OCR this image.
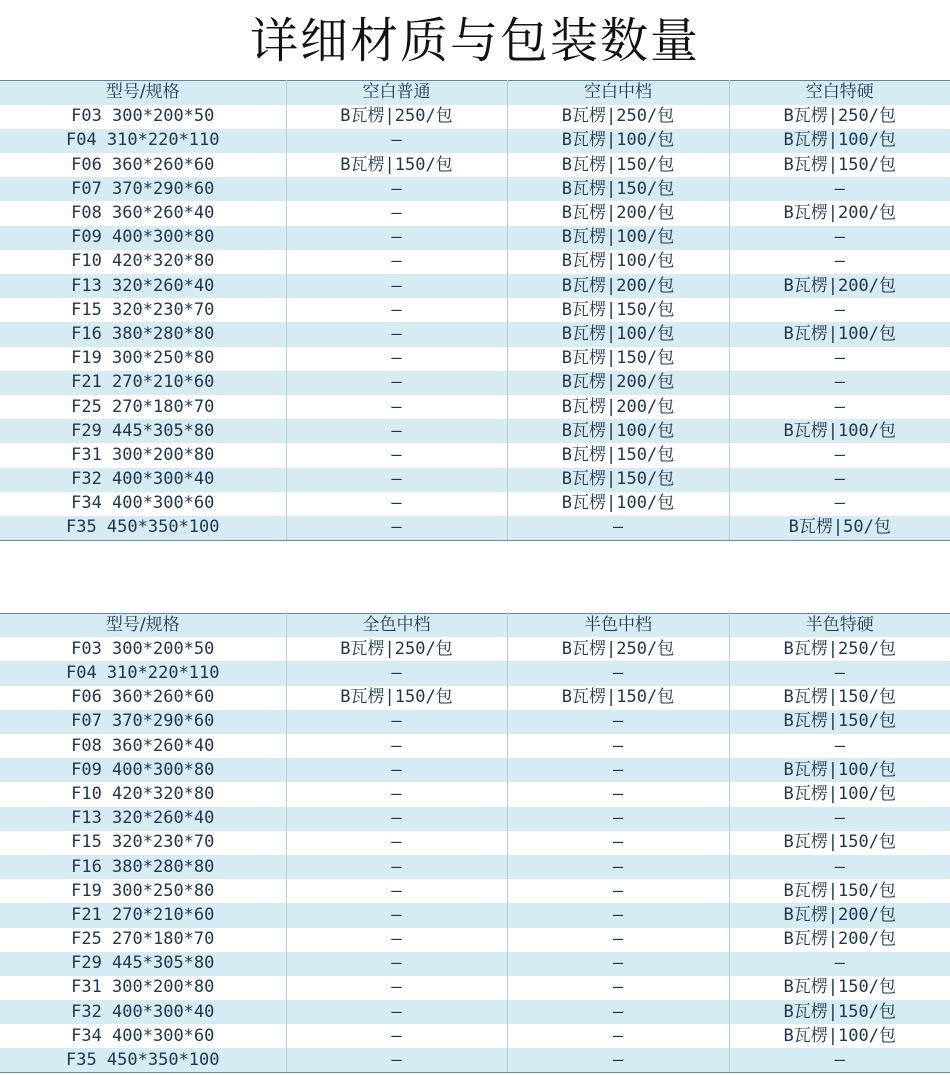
详细材质与包装数量
型号/规格	空白普通	空白中档	空白特硬
F03 300*200*50	B瓦楞|250/包	B瓦楞|250/包	B瓦楞|250/包
F04 310*220*110	—	B瓦楞|100/包	B瓦楞|100/包
F06 360*260*60	B瓦楞|150/包	B瓦楞|150/包	B瓦楞|150/包
F07 370*290*60	—	B瓦楞|150/包	—
F08 360*260*40	—	B瓦楞|200/包	B瓦楞|200/包
F09 400*300*80	—	B瓦楞|100/包	—
F10 420*320*80	—	B瓦楞|100/包	—
F13 320*260*40	—	B瓦楞|200/包	B瓦楞|200/包
F15 320*230*70	—	B瓦楞|150/包	—
F16 380*280*80	—	B瓦楞|100/包	B瓦楞|100/包
F19 300*250*80	—	B瓦楞|150/包	—
F21 270*210*60	—	B瓦楞|200/包	—
F25 270*180*70	—	B瓦楞|200/包	—
F29 445*305*80	—	B瓦楞|100/包	B瓦楞|100/包
F31 300*200*80	—	B瓦楞|150/包	—
F32 400*300*40	—	B瓦楞|150/包	—
F34 400*300*60	—	B瓦楞|100/包	—
F35 450*350*100	—	—	B瓦楞|50/包
型号/规格	全色中档	半色中档	半色特硬
F03 300*200*50	B瓦楞|250/包	B瓦楞|250/包	B瓦楞|250/包
F04 310*220*110	—	—	—
F06 360*260*60	B瓦楞|150/包	B瓦楞|150/包	B瓦楞|150/包
F07 370*290*60	—	—	B瓦楞|150/包
F08 360*260*40	—	—	—
F09 400*300*80	—	—	B瓦楞|100/包
F10 420*320*80	—	—	B瓦楞|100/包
F13 320*260*40	—	—	—
F15 320*230*70	—	—	B瓦楞|150/包
F16 380*280*80	—	—	—
F19 300*250*80	—	—	B瓦楞|150/包
F21 270*210*60	—	—	B瓦楞|200/包
F25 270*180*70	—	—	B瓦楞|200/包
F29 445*305*80	—	—	—
F31 300*200*80	—	—	B瓦楞|150/包
F32 400*300*40	—	—	B瓦楞|150/包
F34 400*300*60	—	—	B瓦楞|100/包
F35 450*350*100	—	—	—
